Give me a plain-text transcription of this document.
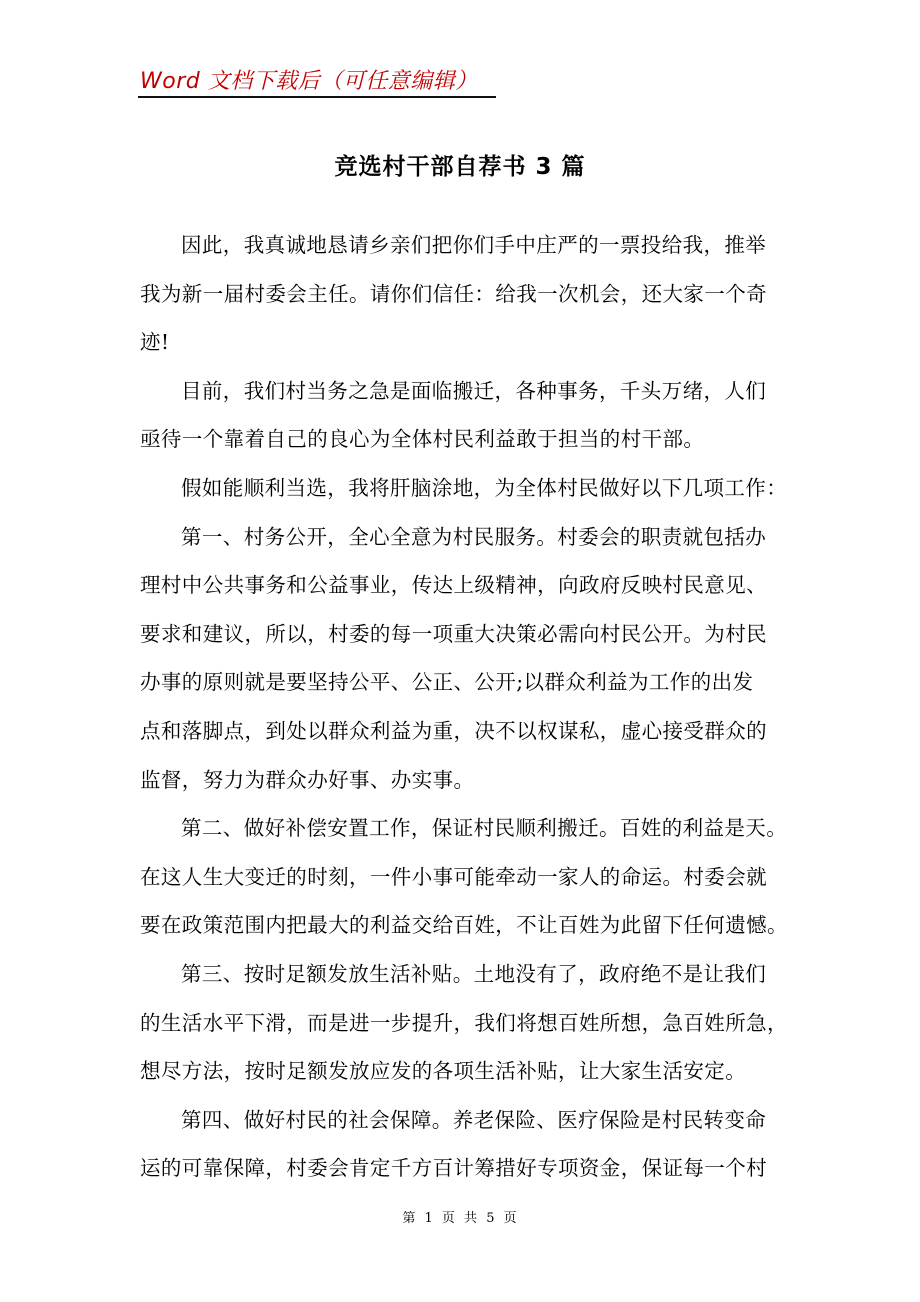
Word 文档下载后（可任意编辑）
竞选村干部自荐书 3 篇
因此，我真诚地恳请乡亲们把你们手中庄严的一票投给我，推举
我为新一届村委会主任。请你们信任：给我一次机会，还大家一个奇
迹!
目前，我们村当务之急是面临搬迁，各种事务，千头万绪，人们
亟待一个靠着自己的良心为全体村民利益敢于担当的村干部。
假如能顺利当选，我将肝脑涂地，为全体村民做好以下几项工作：
第一、村务公开，全心全意为村民服务。村委会的职责就包括办
理村中公共事务和公益事业，传达上级精神，向政府反映村民意见、
要求和建议，所以，村委的每一项重大决策必需向村民公开。为村民
办事的原则就是要坚持公平、公正、公开;以群众利益为工作的出发
点和落脚点，到处以群众利益为重，决不以权谋私，虚心接受群众的
监督，努力为群众办好事、办实事。
第二、做好补偿安置工作，保证村民顺利搬迁。百姓的利益是天。
在这人生大变迁的时刻，一件小事可能牵动一家人的命运。村委会就
要在政策范围内把最大的利益交给百姓，不让百姓为此留下任何遗憾。
第三、按时足额发放生活补贴。土地没有了，政府绝不是让我们
的生活水平下滑，而是进一步提升，我们将想百姓所想，急百姓所急，
想尽方法，按时足额发放应发的各项生活补贴，让大家生活安定。
第四、做好村民的社会保障。养老保险、医疗保险是村民转变命
运的可靠保障，村委会肯定千方百计筹措好专项资金，保证每一个村
第 1 页 共 5 页
